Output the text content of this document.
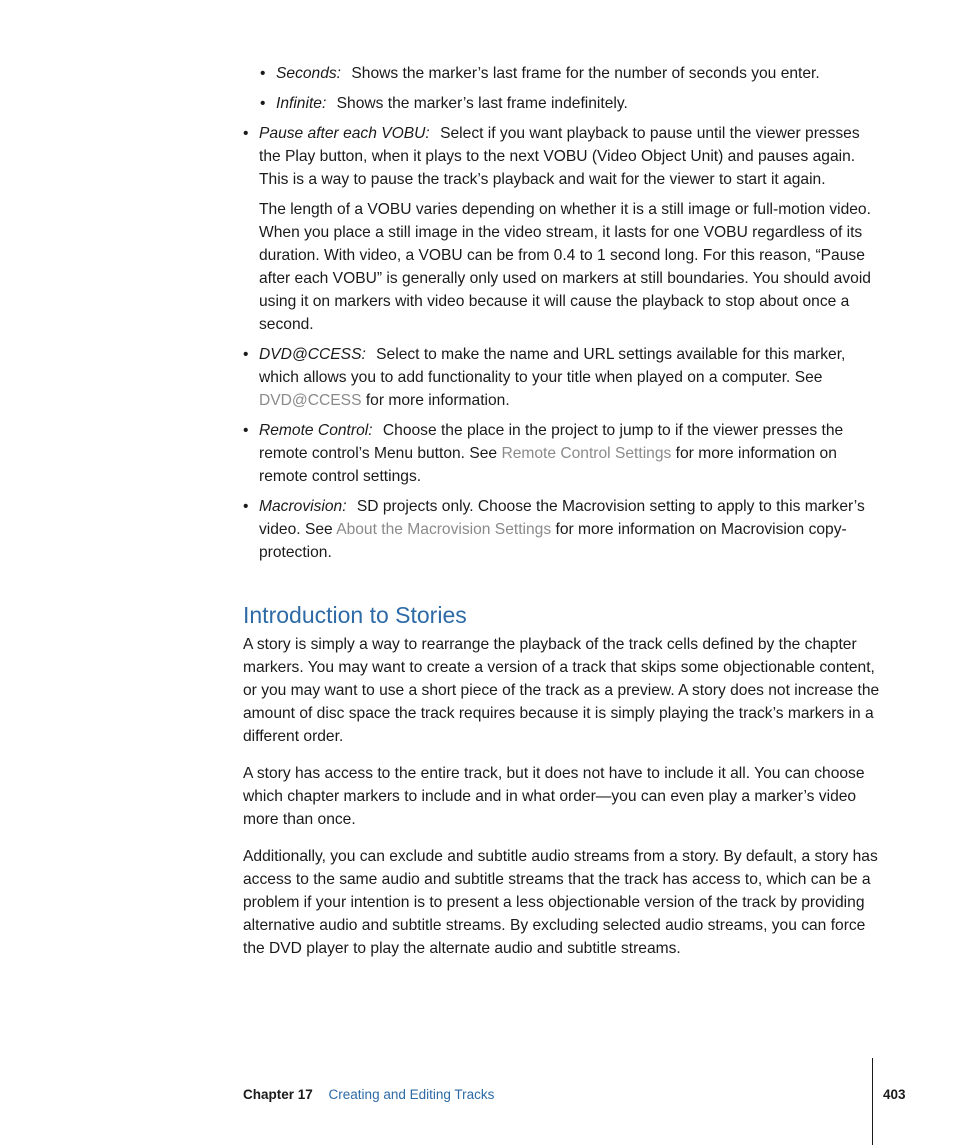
• Seconds: Shows the marker’s last frame for the number of seconds you enter.
• Infinite: Shows the marker’s last frame indefinitely.
• Pause after each VOBU: Select if you want playback to pause until the viewer presses the Play button, when it plays to the next VOBU (Video Object Unit) and pauses again. This is a way to pause the track’s playback and wait for the viewer to start it again.

The length of a VOBU varies depending on whether it is a still image or full-motion video. When you place a still image in the video stream, it lasts for one VOBU regardless of its duration. With video, a VOBU can be from 0.4 to 1 second long. For this reason, “Pause after each VOBU” is generally only used on markers at still boundaries. You should avoid using it on markers with video because it will cause the playback to stop about once a second.

• DVD@CCESS: Select to make the name and URL settings available for this marker, which allows you to add functionality to your title when played on a computer. See DVD@CCESS for more information.

• Remote Control: Choose the place in the project to jump to if the viewer presses the remote control’s Menu button. See Remote Control Settings for more information on remote control settings.

• Macrovision: SD projects only. Choose the Macrovision setting to apply to this marker’s video. See About the Macrovision Settings for more information on Macrovision copy-protection.

Introduction to Stories

A story is simply a way to rearrange the playback of the track cells defined by the chapter markers. You may want to create a version of a track that skips some objectionable content, or you may want to use a short piece of the track as a preview. A story does not increase the amount of disc space the track requires because it is simply playing the track’s markers in a different order.

A story has access to the entire track, but it does not have to include it all. You can choose which chapter markers to include and in what order—you can even play a marker’s video more than once.

Additionally, you can exclude and subtitle audio streams from a story. By default, a story has access to the same audio and subtitle streams that the track has access to, which can be a problem if your intention is to present a less objectionable version of the track by providing alternative audio and subtitle streams. By excluding selected audio streams, you can force the DVD player to play the alternate audio and subtitle streams.

Chapter 17 Creating and Editing Tracks	403
